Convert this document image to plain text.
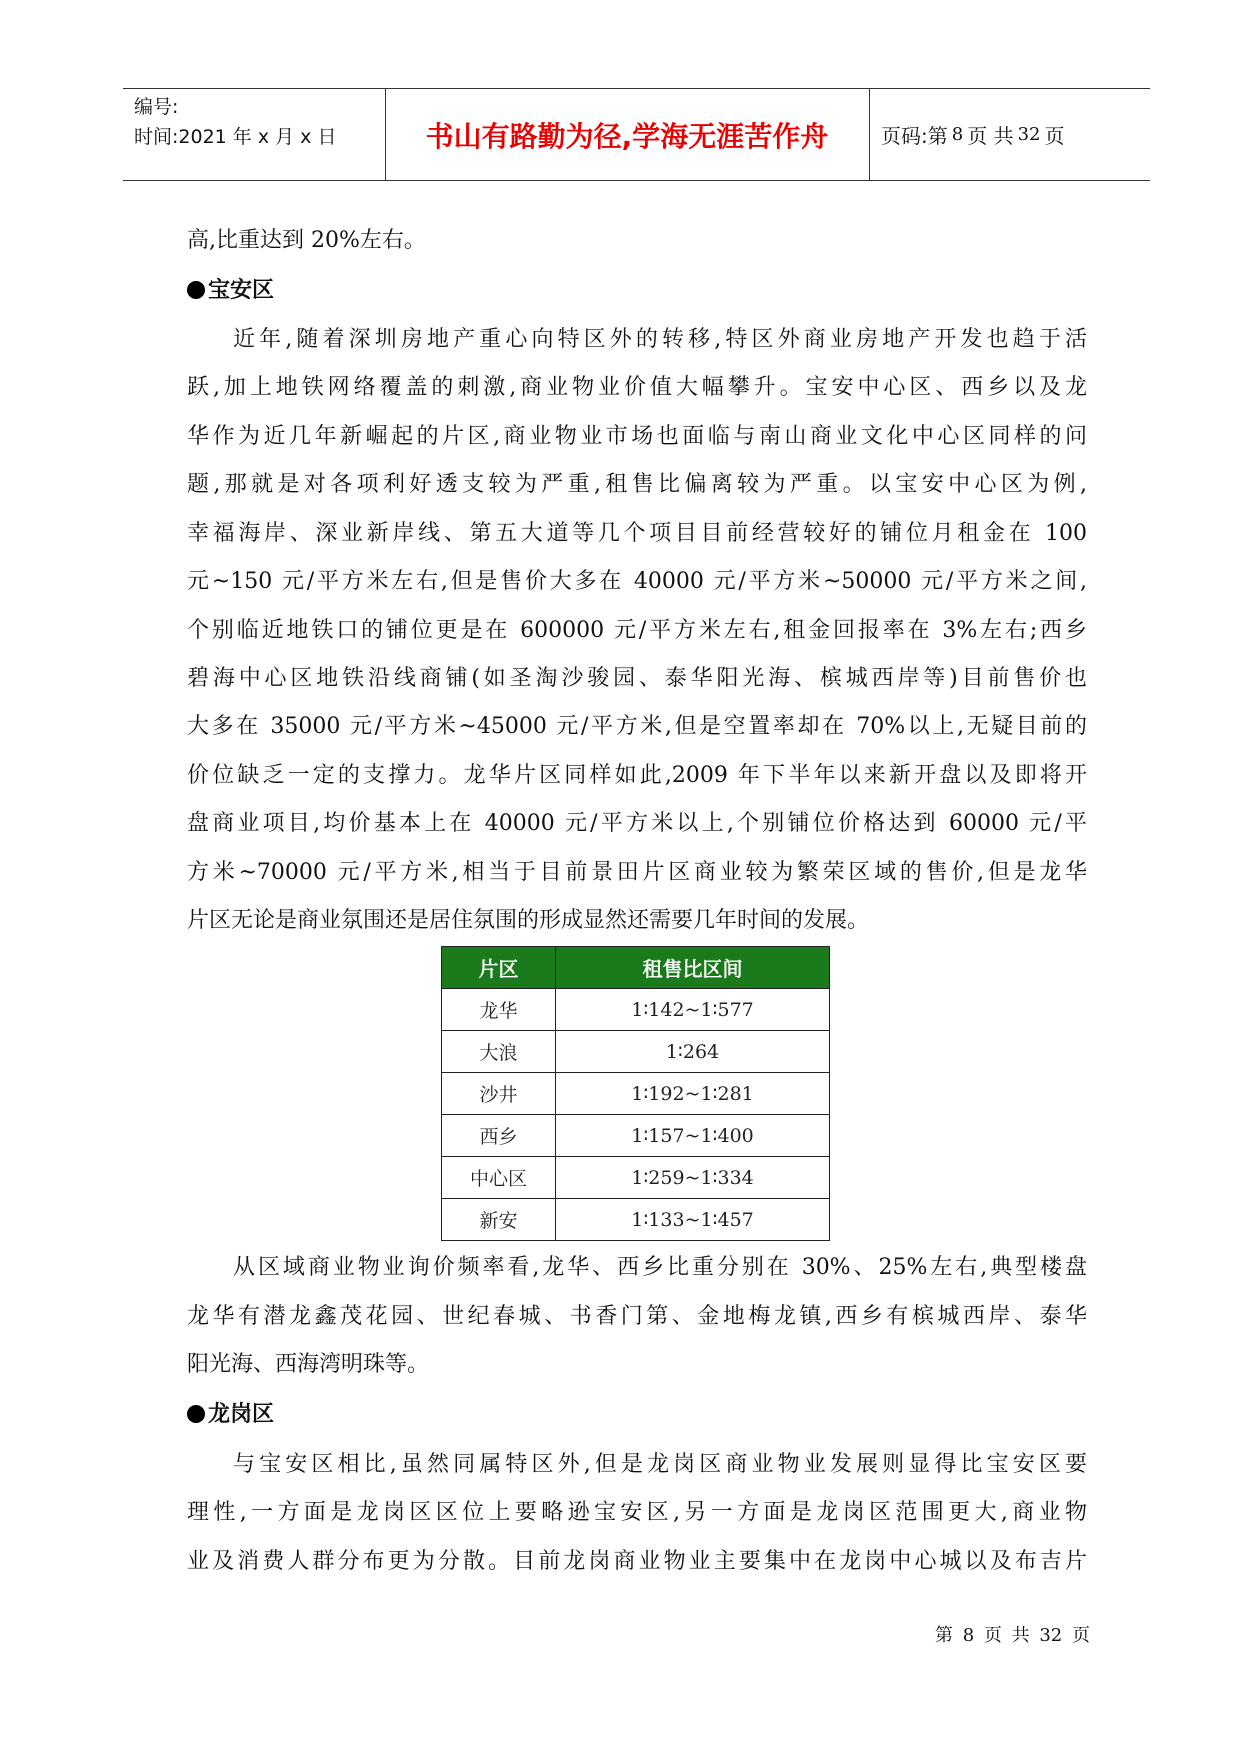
编号:
时间:2021 年 x 月 x 日	书山有路勤为径,学海无涯苦作舟	页码:第 8 页 共 32 页
高,比重达到 20%左右。
宝安区
近年,随着深圳房地产重心向特区外的转移,特区外商业房地产开发也趋于活
跃,加上地铁网络覆盖的刺激,商业物业价值大幅攀升。宝安中心区、西乡以及龙
华作为近几年新崛起的片区,商业物业市场也面临与南山商业文化中心区同样的问
题,那就是对各项利好透支较为严重,租售比偏离较为严重。以宝安中心区为例,
幸福海岸、深业新岸线、第五大道等几个项目目前经营较好的铺位月租金在 100
元~150 元/平方米左右,但是售价大多在 40000 元/平方米~50000 元/平方米之间,
个别临近地铁口的铺位更是在 600000 元/平方米左右,租金回报率在 3%左右;西乡
碧海中心区地铁沿线商铺(如圣淘沙骏园、泰华阳光海、槟城西岸等)目前售价也
大多在 35000 元/平方米~45000 元/平方米,但是空置率却在 70%以上,无疑目前的
价位缺乏一定的支撑力。龙华片区同样如此,2009 年下半年以来新开盘以及即将开
盘商业项目,均价基本上在 40000 元/平方米以上,个别铺位价格达到 60000 元/平
方米~70000 元/平方米,相当于目前景田片区商业较为繁荣区域的售价,但是龙华
片区无论是商业氛围还是居住氛围的形成显然还需要几年时间的发展。
从区域商业物业询价频率看,龙华、西乡比重分别在 30%、25%左右,典型楼盘
龙华有潜龙鑫茂花园、世纪春城、书香门第、金地梅龙镇,西乡有槟城西岸、泰华
阳光海、西海湾明珠等。
龙岗区
与宝安区相比,虽然同属特区外,但是龙岗区商业物业发展则显得比宝安区要
理性,一方面是龙岗区区位上要略逊宝安区,另一方面是龙岗区范围更大,商业物
业及消费人群分布更为分散。目前龙岗商业物业主要集中在龙岗中心城以及布吉片
片区	租售比区间
龙华	1∶142~1∶577
大浪	1∶264
沙井	1∶192~1∶281
西乡	1∶157~1∶400
中心区	1∶259~1∶334
新安	1∶133~1∶457
第 8 页 共 32 页
